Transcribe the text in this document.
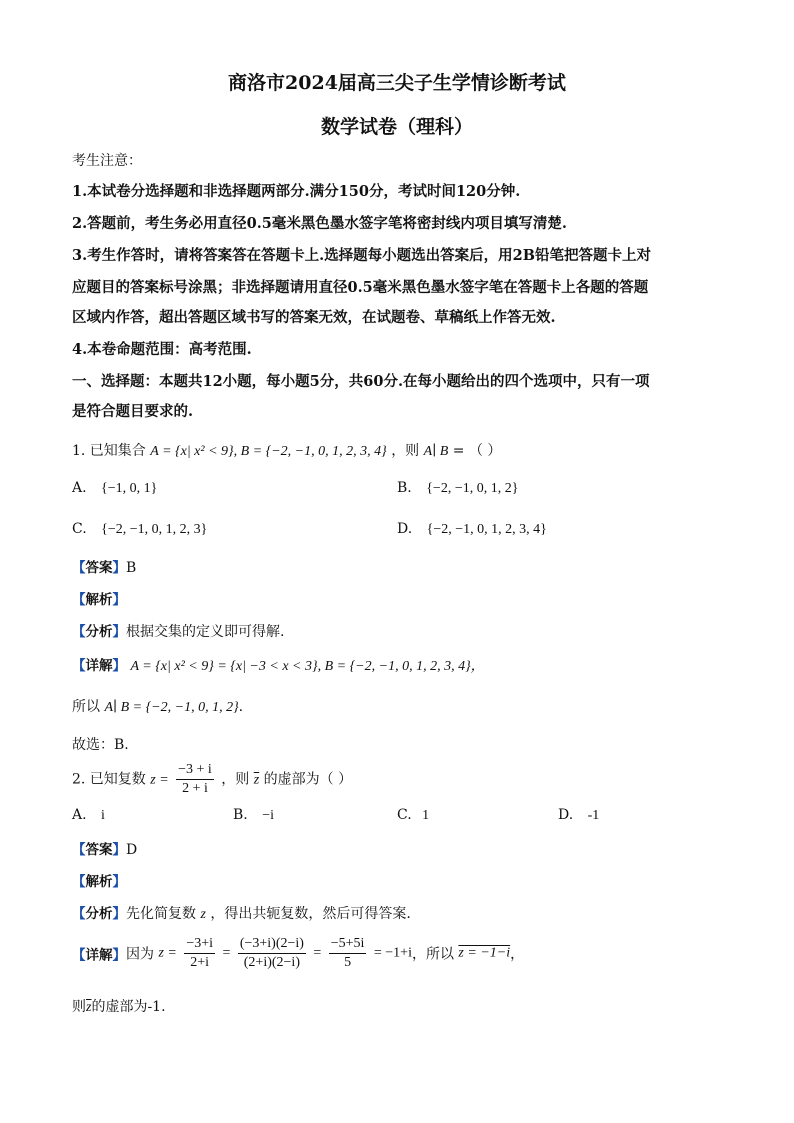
商洛市2024届高三尖子生学情诊断考试
数学试卷（理科）
考生注意：
1.本试卷分选择题和非选择题两部分.满分150分，考试时间120分钟.
2.答题前，考生务必用直径0.5毫米黑色墨水签字笔将密封线内项目填写清楚.
3.考生作答时，请将答案答在答题卡上.选择题每小题选出答案后，用2B铅笔把答题卡上对
应题目的答案标号涂黑；非选择题请用直径0.5毫米黑色墨水签字笔在答题卡上各题的答题
区域内作答，超出答题区域书写的答案无效，在试题卷、草稿纸上作答无效.
4.本卷命题范围：高考范围.
一、选择题：本题共12小题，每小题5分，共60分.在每小题给出的四个选项中，只有一项
是符合题目要求的.
1. 已知集合 A = {x| x² < 9}, B = {−2, −1, 0, 1, 2, 3, 4} ，则 A∣ B = （ ）
A. {−1, 0, 1}	B. {−2, −1, 0, 1, 2}
C. {−2, −1, 0, 1, 2, 3}	D. {−2, −1, 0, 1, 2, 3, 4}
【答案】B
【解析】
【分析】根据交集的定义即可得解.
【详解】 A = {x| x² < 9} = {x| −3 < x < 3}, B = {−2, −1, 0, 1, 2, 3, 4}，
所以 A∣ B = {−2, −1, 0, 1, 2}.
故选：B.
2. 已知复数 $z = \frac{-3 + i}{2 + i}$ ，则 $\overline{z}$ 的虚部为（ ）
A. i	B. −i	C. 1	D. -1
【答案】D
【解析】
【分析】先化简复数 z ，得出共轭复数，然后可得答案.
【详解】因为 $z = \frac{-3+i}{2+i} = \frac{(-3+i)(2-i)}{(2+i)(2-i)} = \frac{-5+5i}{5} = -1+i$，所以 z = −1−i，
则$\overline{z}$的虚部为-1.
